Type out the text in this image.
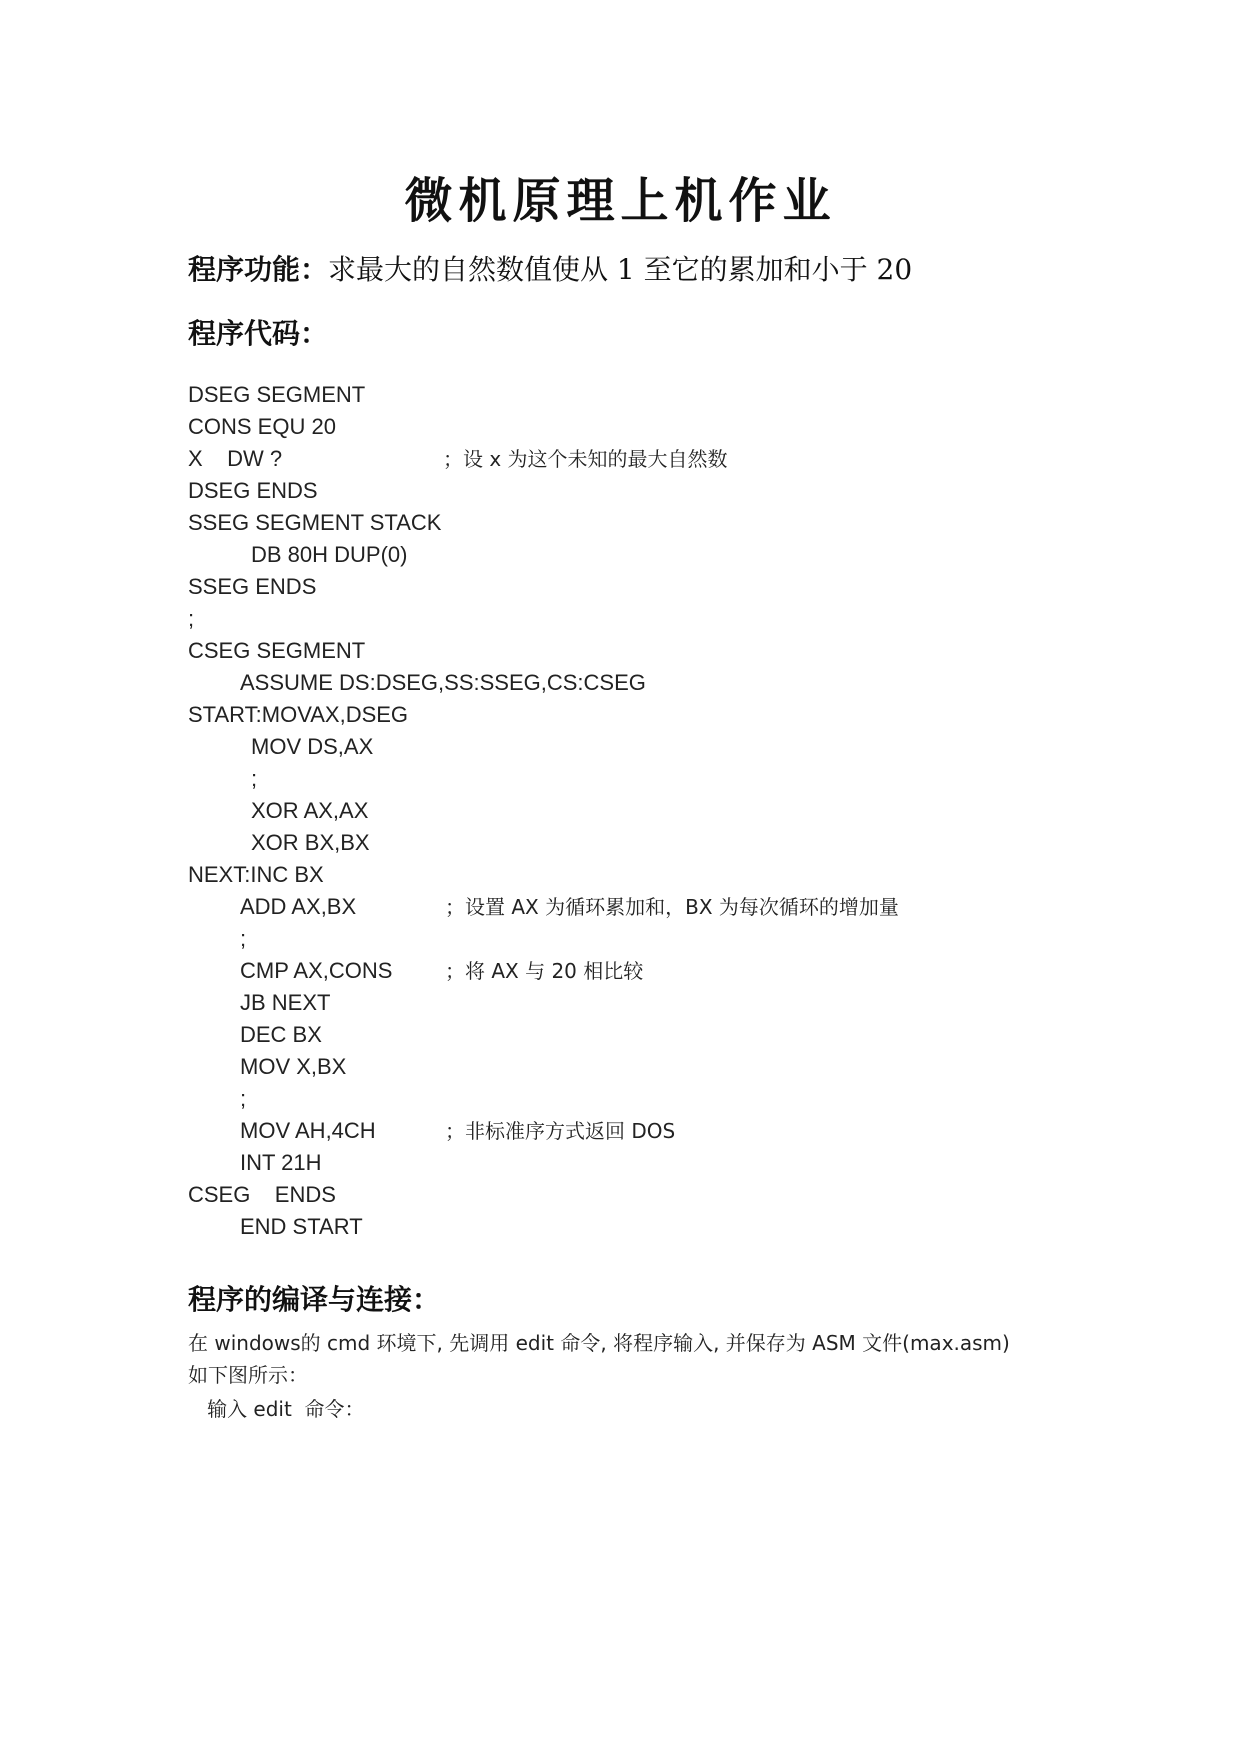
微机原理上机作业
程序功能：求最大的自然数值使从 1 至它的累加和小于 20
程序代码：
DSEG SEGMENT
CONS EQU 20
X    DW ?	；设 x 为这个未知的最大自然数
DSEG ENDS
SSEG SEGMENT STACK
DB 80H DUP(0)
SSEG ENDS
;
CSEG SEGMENT
ASSUME DS:DSEG,SS:SSEG,CS:CSEG
START:MOVAX,DSEG
MOV DS,AX
;
XOR AX,AX
XOR BX,BX
NEXT:INC BX
ADD AX,BX	；设置 AX 为循环累加和，BX 为每次循环的增加量
;
CMP AX,CONS	；将 AX 与 20 相比较
JB NEXT
DEC BX
MOV X,BX
;
MOV AH,4CH	；非标准序方式返回 DOS
INT 21H
CSEG    ENDS
END START
程序的编译与连接：
在 windows的 cmd 环境下, 先调用 edit 命令, 将程序输入, 并保存为 ASM 文件(max.asm)
如下图所示：
输入 edit  命令：
